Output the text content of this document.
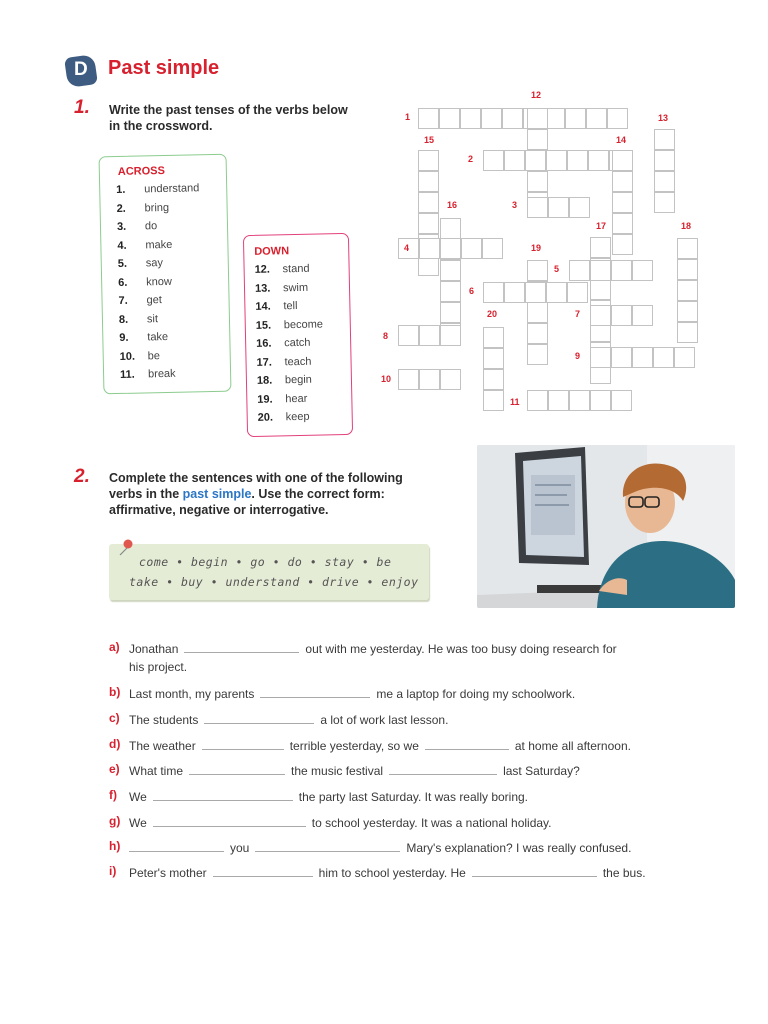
D	Past simple
1. Write the past tenses of the verbs below
in the crossword.
ACROSS
1. understand
2. bring
3. do
4. make
5. say
6. know
7. get
8. sit
9. take
10. be
11. break
DOWN
12. stand
13. swim
14. tell
15. become
16. catch
17. teach
18. begin
19. hear
20. keep
1
12
13
15	14
2
16	3
17	18
4	19
5
6
20	7
8
9
10
11
2. Complete the sentences with one of the following
verbs in the past simple. Use the correct form:
affirmative, negative or interrogative.
come • begin • go • do • stay • be
take • buy • understand • drive • enjoy
a) Jonathan	out with me yesterday. He was too busy doing research for
his project.
b) Last month, my parents	me a laptop for doing my schoolwork.
c) The students	a lot of work last lesson.
d) The weather	terrible yesterday, so we	at home all afternoon.
e) What time	the music festival	last Saturday?
f) We	the party last Saturday. It was really boring.
g) We	to school yesterday. It was a national holiday.
h)	you	Mary's explanation? I was really confused.
i) Peter's mother	him to school yesterday. He	the bus.
